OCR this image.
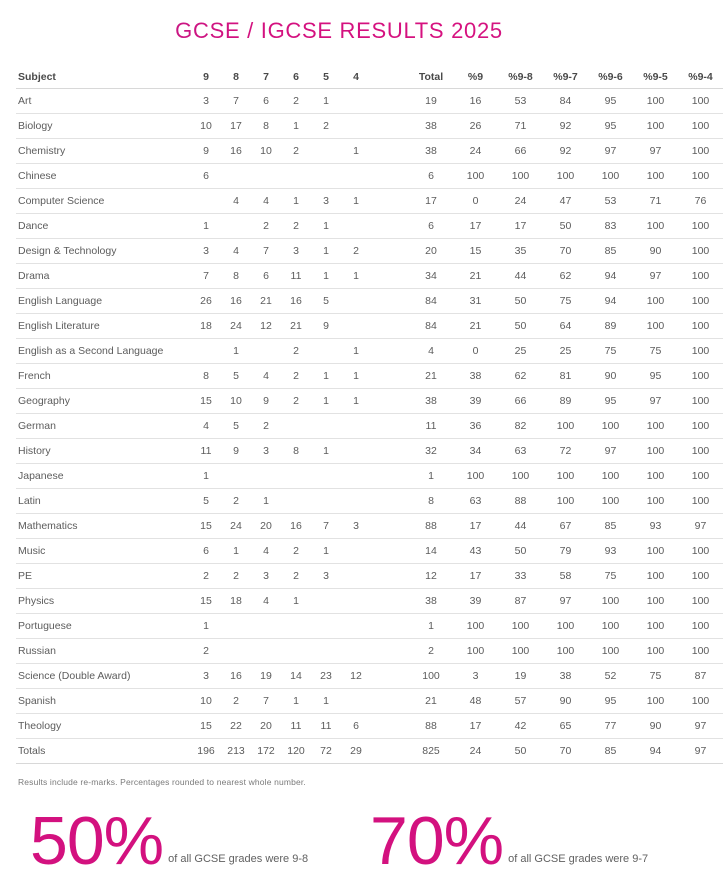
GCSE / IGCSE RESULTS 2025
Subject	9	8	7	6	5	4		Total	%9	%9-8	%9-7	%9-6	%9-5	%9-4
Art	3	7	6	2	1			19	16	53	84	95	100	100
Biology	10	17	8	1	2			38	26	71	92	95	100	100
Chemistry	9	16	10	2		1		38	24	66	92	97	97	100
Chinese	6							6	100	100	100	100	100	100
Computer Science		4	4	1	3	1		17	0	24	47	53	71	76
Dance	1		2	2	1			6	17	17	50	83	100	100
Design & Technology	3	4	7	3	1	2		20	15	35	70	85	90	100
Drama	7	8	6	11	1	1		34	21	44	62	94	97	100
English Language	26	16	21	16	5			84	31	50	75	94	100	100
English Literature	18	24	12	21	9			84	21	50	64	89	100	100
English as a Second Language		1		2		1		4	0	25	25	75	75	100
French	8	5	4	2	1	1		21	38	62	81	90	95	100
Geography	15	10	9	2	1	1		38	39	66	89	95	97	100
German	4	5	2					11	36	82	100	100	100	100
History	11	9	3	8	1			32	34	63	72	97	100	100
Japanese	1							1	100	100	100	100	100	100
Latin	5	2	1					8	63	88	100	100	100	100
Mathematics	15	24	20	16	7	3		88	17	44	67	85	93	97
Music	6	1	4	2	1			14	43	50	79	93	100	100
PE	2	2	3	2	3			12	17	33	58	75	100	100
Physics	15	18	4	1				38	39	87	97	100	100	100
Portuguese	1							1	100	100	100	100	100	100
Russian	2							2	100	100	100	100	100	100
Science (Double Award)	3	16	19	14	23	12		100	3	19	38	52	75	87
Spanish	10	2	7	1	1			21	48	57	90	95	100	100
Theology	15	22	20	11	11	6		88	17	42	65	77	90	97
Totals	196	213	172	120	72	29		825	24	50	70	85	94	97
Results include re-marks. Percentages rounded to nearest whole number.
50% of all GCSE grades were 9-8 70% of all GCSE grades were 9-7
